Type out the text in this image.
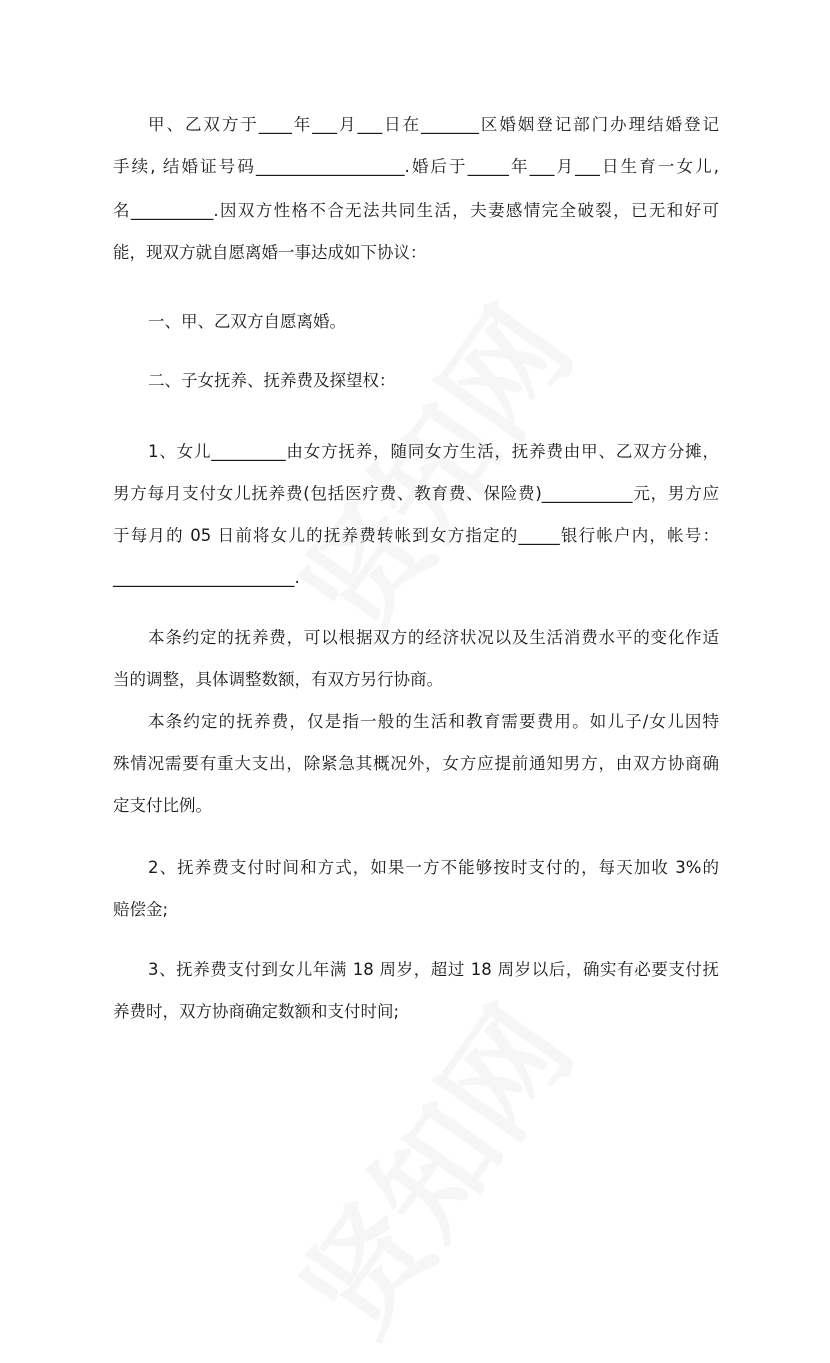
甲、乙双方于____年___月___日在_______区婚姻登记部门办理结婚登记
手续, 结婚证号码__________________.婚后于_____年___月___日生育一女儿,
名__________.因双方性格不合无法共同生活，夫妻感情完全破裂，已无和好可
能，现双方就自愿离婚一事达成如下协议：
一、甲、乙双方自愿离婚。
二、子女抚养、抚养费及探望权：
1、女儿_________由女方抚养，随同女方生活，抚养费由甲、乙双方分摊，
男方每月支付女儿抚养费(包括医疗费、教育费、保险费)___________元，男方应
于每月的 05 日前将女儿的抚养费转帐到女方指定的_____银行帐户内，帐号：
______________________.
本条约定的抚养费，可以根据双方的经济状况以及生活消费水平的变化作适
当的调整，具体调整数额，有双方另行协商。
本条约定的抚养费，仅是指一般的生活和教育需要费用。如儿子/女儿因特
殊情况需要有重大支出，除紧急其概况外，女方应提前通知男方，由双方协商确
定支付比例。
2、抚养费支付时间和方式，如果一方不能够按时支付的，每天加收 3%的
赔偿金;
3、抚养费支付到女儿年满 18 周岁，超过 18 周岁以后，确实有必要支付抚
养费时，双方协商确定数额和支付时间;
